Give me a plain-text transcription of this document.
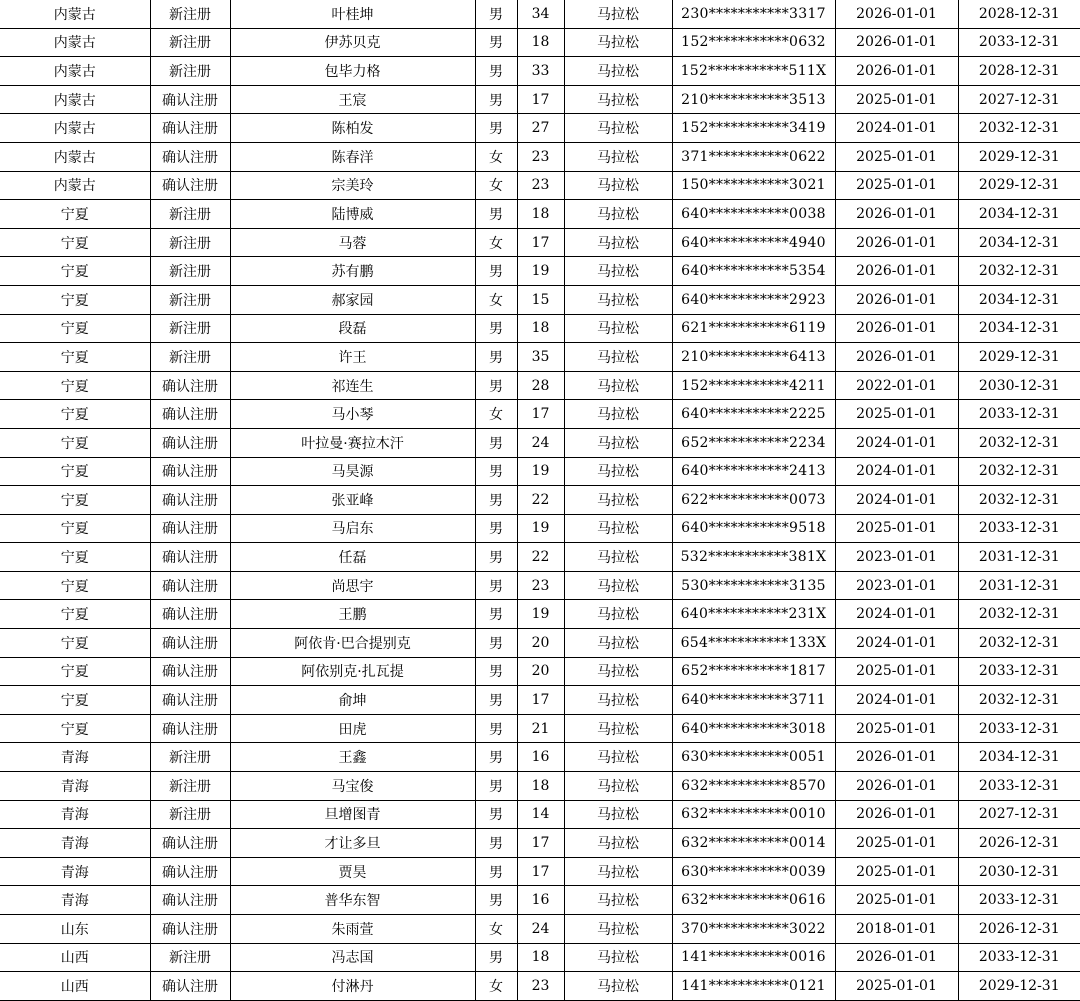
内蒙古	新注册	叶桂坤	男	34	马拉松	230***********3317	2026-01-01	2028-12-31
内蒙古	新注册	伊苏贝克	男	18	马拉松	152***********0632	2026-01-01	2033-12-31
内蒙古	新注册	包毕力格	男	33	马拉松	152***********511X	2026-01-01	2028-12-31
内蒙古	确认注册	王宸	男	17	马拉松	210***********3513	2025-01-01	2027-12-31
内蒙古	确认注册	陈柏发	男	27	马拉松	152***********3419	2024-01-01	2032-12-31
内蒙古	确认注册	陈春洋	女	23	马拉松	371***********0622	2025-01-01	2029-12-31
内蒙古	确认注册	宗美玲	女	23	马拉松	150***********3021	2025-01-01	2029-12-31
宁夏	新注册	陆博威	男	18	马拉松	640***********0038	2026-01-01	2034-12-31
宁夏	新注册	马蓉	女	17	马拉松	640***********4940	2026-01-01	2034-12-31
宁夏	新注册	苏有鹏	男	19	马拉松	640***********5354	2026-01-01	2032-12-31
宁夏	新注册	郝家园	女	15	马拉松	640***********2923	2026-01-01	2034-12-31
宁夏	新注册	段磊	男	18	马拉松	621***********6119	2026-01-01	2034-12-31
宁夏	新注册	许王	男	35	马拉松	210***********6413	2026-01-01	2029-12-31
宁夏	确认注册	祁连生	男	28	马拉松	152***********4211	2022-01-01	2030-12-31
宁夏	确认注册	马小琴	女	17	马拉松	640***********2225	2025-01-01	2033-12-31
宁夏	确认注册	叶拉曼·赛拉木汗	男	24	马拉松	652***********2234	2024-01-01	2032-12-31
宁夏	确认注册	马昊源	男	19	马拉松	640***********2413	2024-01-01	2032-12-31
宁夏	确认注册	张亚峰	男	22	马拉松	622***********0073	2024-01-01	2032-12-31
宁夏	确认注册	马启东	男	19	马拉松	640***********9518	2025-01-01	2033-12-31
宁夏	确认注册	任磊	男	22	马拉松	532***********381X	2023-01-01	2031-12-31
宁夏	确认注册	尚思宇	男	23	马拉松	530***********3135	2023-01-01	2031-12-31
宁夏	确认注册	王鹏	男	19	马拉松	640***********231X	2024-01-01	2032-12-31
宁夏	确认注册	阿依肯·巴合提别克	男	20	马拉松	654***********133X	2024-01-01	2032-12-31
宁夏	确认注册	阿依别克·扎瓦提	男	20	马拉松	652***********1817	2025-01-01	2033-12-31
宁夏	确认注册	俞坤	男	17	马拉松	640***********3711	2024-01-01	2032-12-31
宁夏	确认注册	田虎	男	21	马拉松	640***********3018	2025-01-01	2033-12-31
青海	新注册	王鑫	男	16	马拉松	630***********0051	2026-01-01	2034-12-31
青海	新注册	马宝俊	男	18	马拉松	632***********8570	2026-01-01	2033-12-31
青海	新注册	旦增图青	男	14	马拉松	632***********0010	2026-01-01	2027-12-31
青海	确认注册	才让多旦	男	17	马拉松	632***********0014	2025-01-01	2026-12-31
青海	确认注册	贾昊	男	17	马拉松	630***********0039	2025-01-01	2030-12-31
青海	确认注册	普华东智	男	16	马拉松	632***********0616	2025-01-01	2033-12-31
山东	确认注册	朱雨萱	女	24	马拉松	370***********3022	2018-01-01	2026-12-31
山西	新注册	冯志国	男	18	马拉松	141***********0016	2026-01-01	2033-12-31
山西	确认注册	付淋丹	女	23	马拉松	141***********0121	2025-01-01	2029-12-31
